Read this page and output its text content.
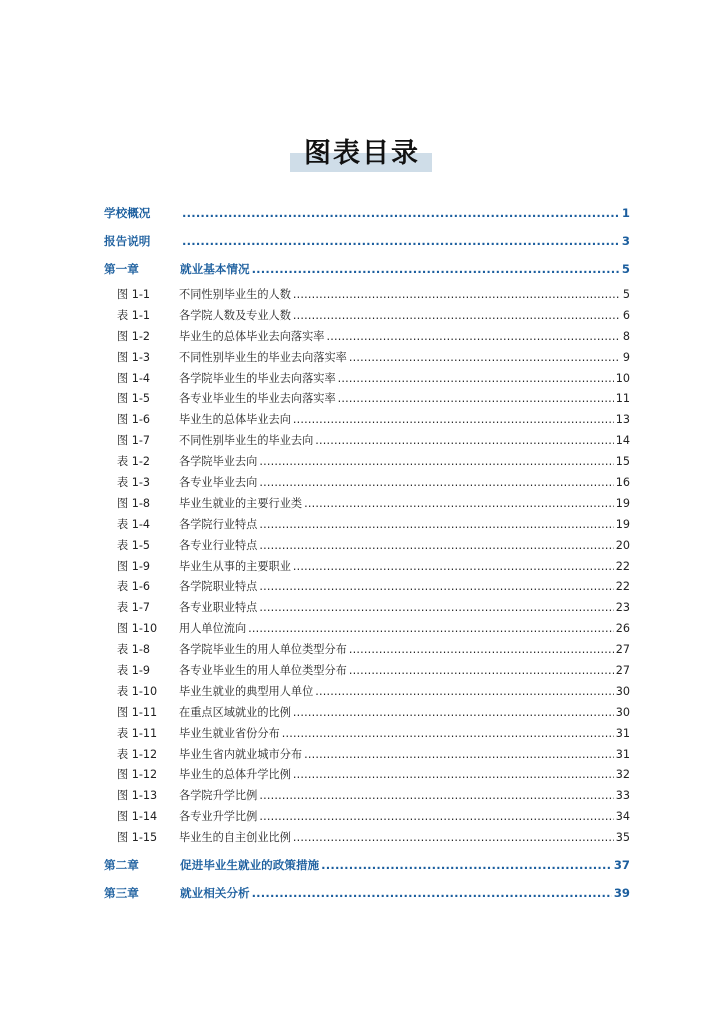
图表目录
学校概况 .....	1
报告说明 .....	3
第一章	就业基本情况 .....	5
图 1-1	不同性别毕业生的人数 .....	5
表 1-1	各学院人数及专业人数 .....	6
图 1-2	毕业生的总体毕业去向落实率 .....	8
图 1-3	不同性别毕业生的毕业去向落实率 .....	9
图 1-4	各学院毕业生的毕业去向落实率 .....	10
图 1-5	各专业毕业生的毕业去向落实率 .....	11
图 1-6	毕业生的总体毕业去向 .....	13
图 1-7	不同性别毕业生的毕业去向 .....	14
表 1-2	各学院毕业去向 .....	15
表 1-3	各专业毕业去向 .....	16
图 1-8	毕业生就业的主要行业类 .....	19
表 1-4	各学院行业特点 .....	19
表 1-5	各专业行业特点 .....	20
图 1-9	毕业生从事的主要职业 .....	22
表 1-6	各学院职业特点 .....	22
表 1-7	各专业职业特点 .....	23
图 1-10	用人单位流向 .....	26
表 1-8	各学院毕业生的用人单位类型分布 .....	27
表 1-9	各专业毕业生的用人单位类型分布 .....	27
表 1-10	毕业生就业的典型用人单位 .....	30
图 1-11	在重点区域就业的比例 .....	30
表 1-11	毕业生就业省份分布 .....	31
表 1-12	毕业生省内就业城市分布 .....	31
图 1-12	毕业生的总体升学比例 .....	32
图 1-13	各学院升学比例 .....	33
图 1-14	各专业升学比例 .....	34
图 1-15	毕业生的自主创业比例 .....	35
第二章	促进毕业生就业的政策措施 .....	37
第三章	就业相关分析 .....	39
